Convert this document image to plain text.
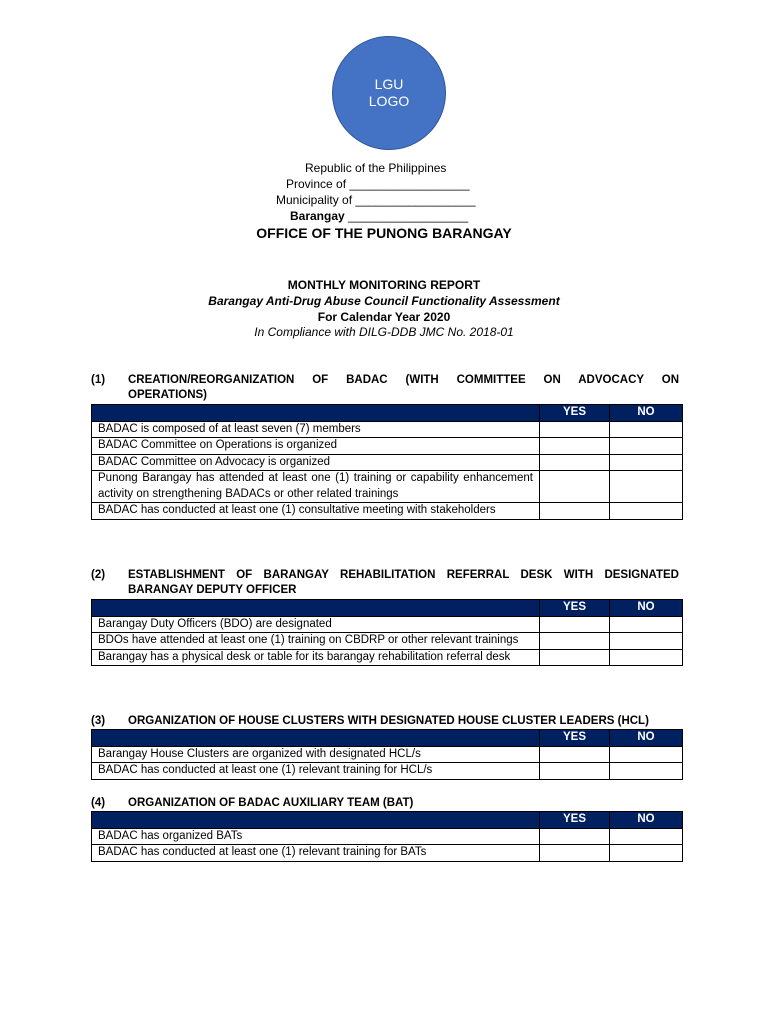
LGU
LOGO
Republic of the Philippines
Province of __________________
Municipality of __________________
Barangay __________________
OFFICE OF THE PUNONG BARANGAY
MONTHLY MONITORING REPORT
Barangay Anti-Drug Abuse Council Functionality Assessment
For Calendar Year 2020
In Compliance with DILG-DDB JMC No. 2018-01
(1) CREATION/REORGANIZATION OF BADAC (WITH COMMITTEE ON ADVOCACY ON
OPERATIONS)
	YES	NO
BADAC is composed of at least seven (7) members		
BADAC Committee on Operations is organized		
BADAC Committee on Advocacy is organized		
Punong Barangay has attended at least one (1) training or capability enhancement activity on strengthening BADACs or other related trainings		
BADAC has conducted at least one (1) consultative meeting with stakeholders		
(2) ESTABLISHMENT OF BARANGAY REHABILITATION REFERRAL DESK WITH DESIGNATED
BARANGAY DEPUTY OFFICER
	YES	NO
Barangay Duty Officers (BDO) are designated		
BDOs have attended at least one (1) training on CBDRP or other relevant trainings		
Barangay has a physical desk or table for its barangay rehabilitation referral desk		
(3) ORGANIZATION OF HOUSE CLUSTERS WITH DESIGNATED HOUSE CLUSTER LEADERS (HCL)
	YES	NO
Barangay House Clusters are organized with designated HCL/s		
BADAC has conducted at least one (1) relevant training for HCL/s		
(4) ORGANIZATION OF BADAC AUXILIARY TEAM (BAT)
	YES	NO
BADAC has organized BATs		
BADAC has conducted at least one (1) relevant training for BATs		
